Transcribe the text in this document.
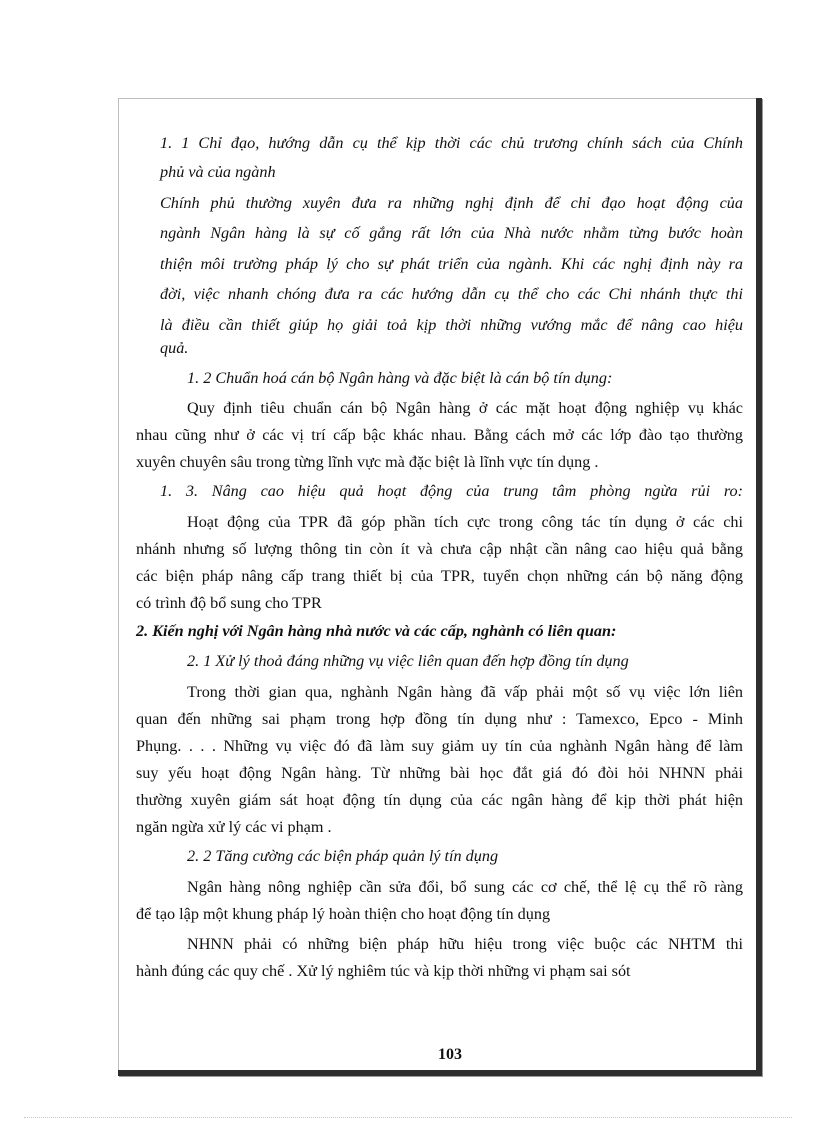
1. 1 Chỉ đạo, hướng dẫn cụ thể kịp thời các chủ trương chính sách của Chính
phủ và của ngành
Chính phủ thường xuyên đưa ra những nghị định để chỉ đạo hoạt động của
ngành Ngân hàng là sự cố gắng rất lớn của Nhà nước nhằm từng bước hoàn
thiện môi trường pháp lý cho sự phát triển của ngành. Khi các nghị định này ra
đời, việc nhanh chóng đưa ra các hướng dẫn cụ thể cho các Chi nhánh thực thi
là điều cần thiết giúp họ giải toả kịp thời những vướng mắc để nâng cao hiệu
quả.
1. 2 Chuẩn hoá cán bộ Ngân hàng và đặc biệt là cán bộ tín dụng:
Quy định tiêu chuẩn cán bộ Ngân hàng ở các mặt hoạt động nghiệp vụ khác
nhau cũng như ở các vị trí cấp bậc khác nhau. Bằng cách mở các lớp đào tạo thường
xuyên chuyên sâu trong từng lĩnh vực mà đặc biệt là lĩnh vực tín dụng .
1. 3. Nâng cao hiệu quả hoạt động của trung tâm phòng ngừa rủi ro:
Hoạt động của TPR đã góp phần tích cực trong công tác tín dụng ở các chi
nhánh nhưng số lượng thông tin còn ít và chưa cập nhật cần nâng cao hiệu quả bằng
các biện pháp nâng cấp trang thiết bị của TPR, tuyển chọn những cán bộ năng động
có trình độ bổ sung cho TPR
2. Kiến nghị với Ngân hàng nhà nước và các cấp, nghành có liên quan:
2. 1 Xử lý thoả đáng những vụ việc liên quan đến hợp đồng tín dụng
Trong thời gian qua, nghành Ngân hàng đã vấp phải một số vụ việc lớn liên
quan đến những sai phạm trong hợp đồng tín dụng như : Tamexco, Epco - Minh
Phụng. . . . Những vụ việc đó đã làm suy giảm uy tín của nghành Ngân hàng để làm
suy yếu hoạt động Ngân hàng. Từ những bài học đắt giá đó đòi hỏi NHNN phải
thường xuyên giám sát hoạt động tín dụng của các ngân hàng để kịp thời phát hiện
ngăn ngừa xử lý các vi phạm .
2. 2 Tăng cường các biện pháp quản lý tín dụng
Ngân hàng nông nghiệp cần sửa đổi, bổ sung các cơ chế, thể lệ cụ thể rõ ràng
để tạo lập một khung pháp lý hoàn thiện cho hoạt động tín dụng
NHNN phải có những biện pháp hữu hiệu trong việc buộc các NHTM thi
hành đúng các quy chế . Xử lý nghiêm túc và kịp thời những vi phạm sai sót
103
